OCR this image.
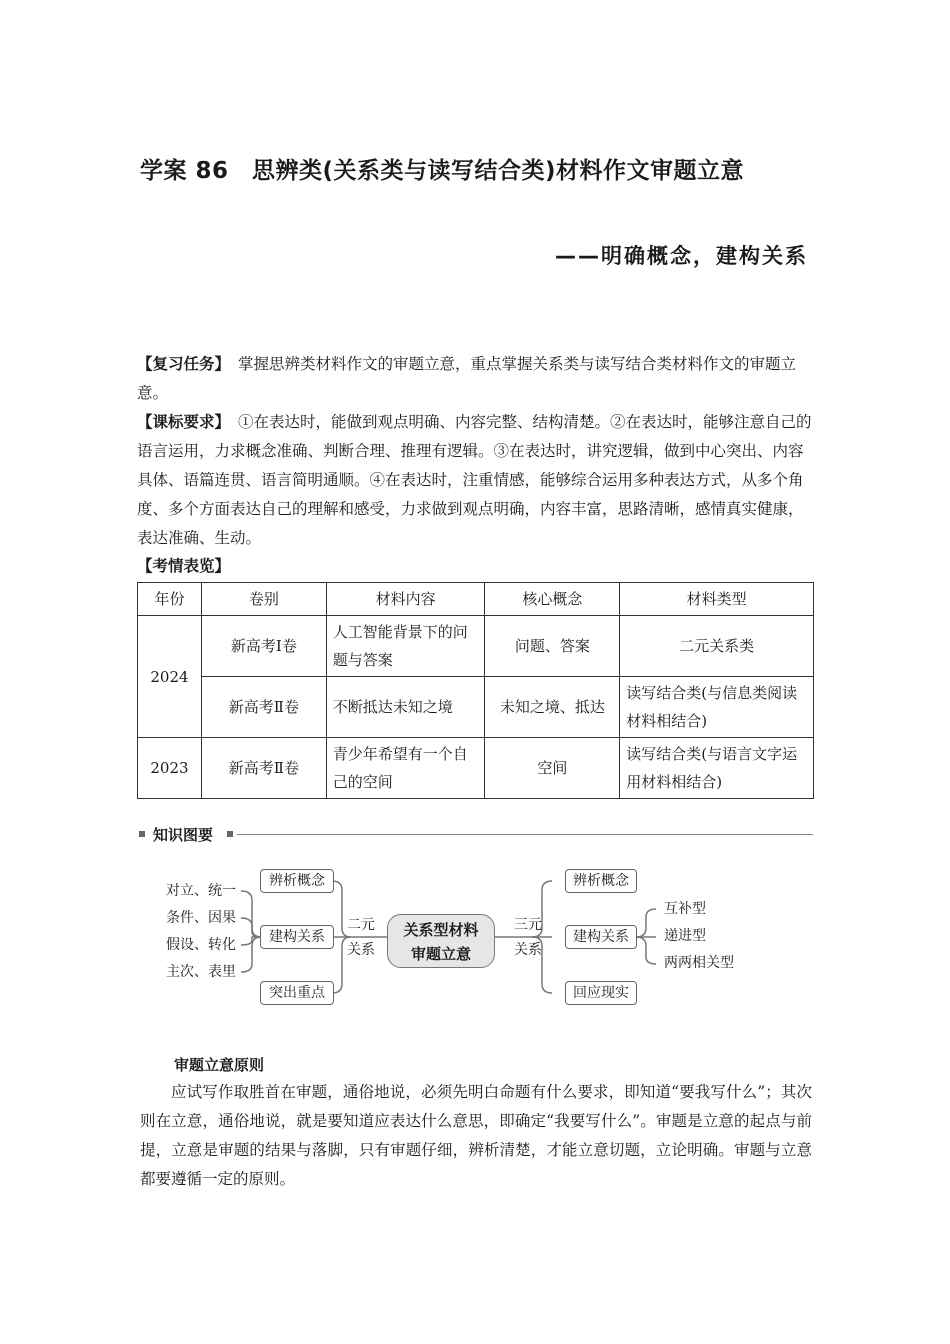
学案 86　思辨类(关系类与读写结合类)材料作文审题立意
——明确概念，建构关系
【复习任务】 掌握思辨类材料作文的审题立意，重点掌握关系类与读写结合类材料作文的审题立意。
【课标要求】 ①在表达时，能做到观点明确、内容完整、结构清楚。②在表达时，能够注意自己的语言运用，力求概念准确、判断合理、推理有逻辑。③在表达时，讲究逻辑，做到中心突出、内容具体、语篇连贯、语言简明通顺。④在表达时，注重情感，能够综合运用多种表达方式，从多个角度、多个方面表达自己的理解和感受，力求做到观点明确，内容丰富，思路清晰，感情真实健康，表达准确、生动。
【考情表览】
年份	卷别	材料内容	核心概念	材料类型
2024	新高考Ⅰ卷	人工智能背景下的问题与答案	问题、答案	二元关系类
	新高考Ⅱ卷	不断抵达未知之境	未知之境、抵达	读写结合类(与信息类阅读材料相结合)
2023	新高考Ⅱ卷	青少年希望有一个自己的空间	空间	读写结合类(与语言文字运用材料相结合)
知识图要
对立、统一
条件、因果
假设、转化
主次、表里
辨析概念
建构关系
突出重点
二元
关系
关系型材料
审题立意
三元
关系
辨析概念
建构关系
回应现实
互补型
递进型
两两相关型
审题立意原则
应试写作取胜首在审题，通俗地说，必须先明白命题有什么要求，即知道“要我写什么”；其次则在立意，通俗地说，就是要知道应表达什么意思，即确定“我要写什么”。审题是立意的起点与前提，立意是审题的结果与落脚，只有审题仔细，辨析清楚，才能立意切题，立论明确。审题与立意都要遵循一定的原则。
